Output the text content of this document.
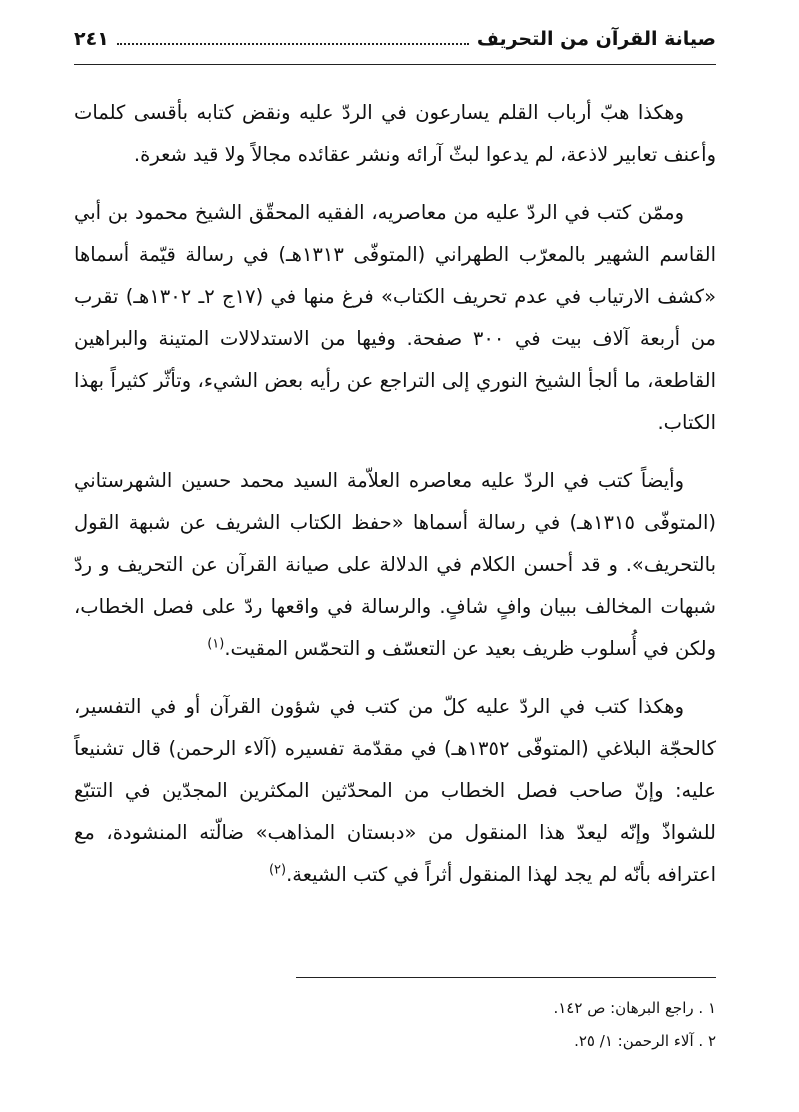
صيانة القرآن من التحريف
٢٤١

وهكذا هبّ أرباب القلم يسارعون في الردّ عليه ونقض كتابه بأقسى كلمات وأعنف تعابير لاذعة، لم يدعوا لبثّ آرائه ونشر عقائده مجالاً ولا قيد شعرة.

وممّن كتب في الردّ عليه من معاصريه، الفقيه المحقّق الشيخ محمود بن أبي القاسم الشهير بالمعرّب الطهراني (المتوفّى ١٣١٣هـ) في رسالة قيّمة أسماها «كشف الارتياب في عدم تحريف الكتاب» فرغ منها في (١٧ج ٢ـ ١٣٠٢هـ) تقرب من أربعة آلاف بيت في ٣٠٠ صفحة. وفيها من الاستدلالات المتينة والبراهين القاطعة، ما ألجأ الشيخ النوري إلى التراجع عن رأيه بعض الشيء، وتأثّر كثيراً بهذا الكتاب.

وأيضاً كتب في الردّ عليه معاصره العلاّمة السيد محمد حسين الشهرستاني (المتوفّى ١٣١٥هـ) في رسالة أسماها «حفظ الكتاب الشريف عن شبهة القول بالتحريف». و قد أحسن الكلام في الدلالة على صيانة القرآن عن التحريف و ردّ شبهات المخالف ببيان وافٍ شافٍ. والرسالة في واقعها ردّ على فصل الخطاب، ولكن في أُسلوب ظريف بعيد عن التعسّف و التحمّس المقيت.$^{(١)}$

وهكذا كتب في الردّ عليه كلّ من كتب في شؤون القرآن أو في التفسير، كالحجّة البلاغي (المتوفّى ١٣٥٢هـ) في مقدّمة تفسيره (آلاء الرحمن) قال تشنيعاً عليه: وإنّ صاحب فصل الخطاب من المحدّثين المكثرين المجدّين في التتبّع للشواذّ وإنّه ليعدّ هذا المنقول من «دبستان المذاهب» ضالّته المنشودة، مع اعترافه بأنّه لم يجد لهذا المنقول أثراً في كتب الشيعة.$^{(٢)}$

١ . راجع البرهان: ص ١٤٢.
٢ . آلاء الرحمن: ١/ ٢٥.
